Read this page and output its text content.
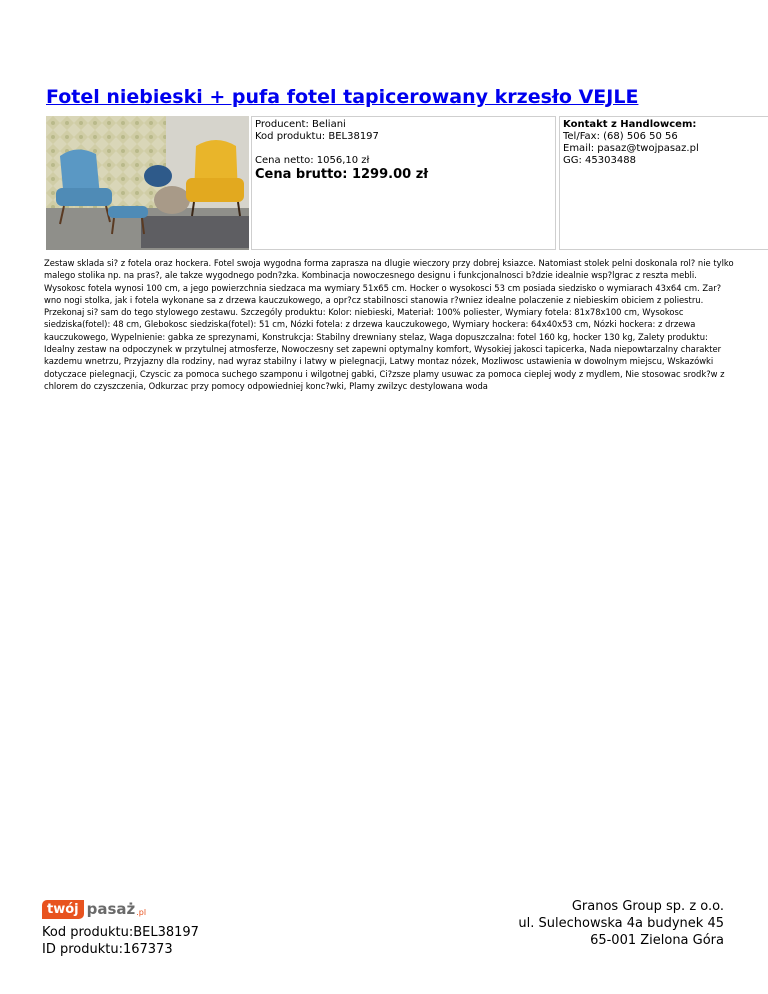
Fotel niebieski + pufa fotel tapicerowany krzesło VEJLE
Producent: Beliani
Kod produktu: BEL38197
Cena netto: 1056,10 zł
Cena brutto: 1299.00 zł
Kontakt z Handlowcem:
Tel/Fax: (68) 506 50 56
Email: pasaz@twojpasaz.pl
GG: 45303488

Zestaw sklada si? z fotela oraz hockera. Fotel swoja wygodna forma zaprasza na dlugie wieczory przy dobrej ksiazce. Natomiast stolek pelni doskonala rol? nie tylko malego stolika np. na pras?, ale takze wygodnego podn?zka. Kombinacja nowoczesnego designu i funkcjonalnosci b?dzie idealnie wsp?lgrac z reszta mebli. Wysokosc fotela wynosi 100 cm, a jego powierzchnia siedzaca ma wymiary 51x65 cm. Hocker o wysokosci 53 cm posiada siedzisko o wymiarach 43x64 cm. Zar?wno nogi stolka, jak i fotela wykonane sa z drzewa kauczukowego, a opr?cz stabilnosci stanowia r?wniez idealne polaczenie z niebieskim obiciem z poliestru. Przekonaj si? sam do tego stylowego zestawu. Szczególy produktu: Kolor: niebieski, Materiał: 100% poliester, Wymiary fotela: 81x78x100 cm, Wysokosc siedziska(fotel): 48 cm, Glebokosc siedziska(fotel): 51 cm, Nózki fotela: z drzewa kauczukowego, Wymiary hockera: 64x40x53 cm, Nózki hockera: z drzewa kauczukowego, Wypelnienie: gabka ze sprezynami, Konstrukcja: Stabilny drewniany stelaz, Waga dopuszczalna: fotel 160 kg, hocker 130 kg, Zalety produktu: Idealny zestaw na odpoczynek w przytulnej atmosferze, Nowoczesny set zapewni optymalny komfort, Wysokiej jakosci tapicerka, Nada niepowtarzalny charakter kazdemu wnetrzu, Przyjazny dla rodziny, nad wyraz stabilny i latwy w pielegnacji, Latwy montaz nózek, Mozliwosc ustawienia w dowolnym miejscu, Wskazówki dotyczace pielegnacji, Czyscic za pomoca suchego szamponu i wilgotnej gabki, Ci?zsze plamy usuwac za pomoca cieplej wody z mydlem, Nie stosowac srodk?w z chlorem do czyszczenia, Odkurzac przy pomocy odpowiedniej konc?wki, Plamy zwilzyc destylowana woda

twój pasaż .pl
Kod produktu:BEL38197
ID produktu:167373
Granos Group sp. z o.o.
ul. Sulechowska 4a budynek 45
65-001 Zielona Góra
